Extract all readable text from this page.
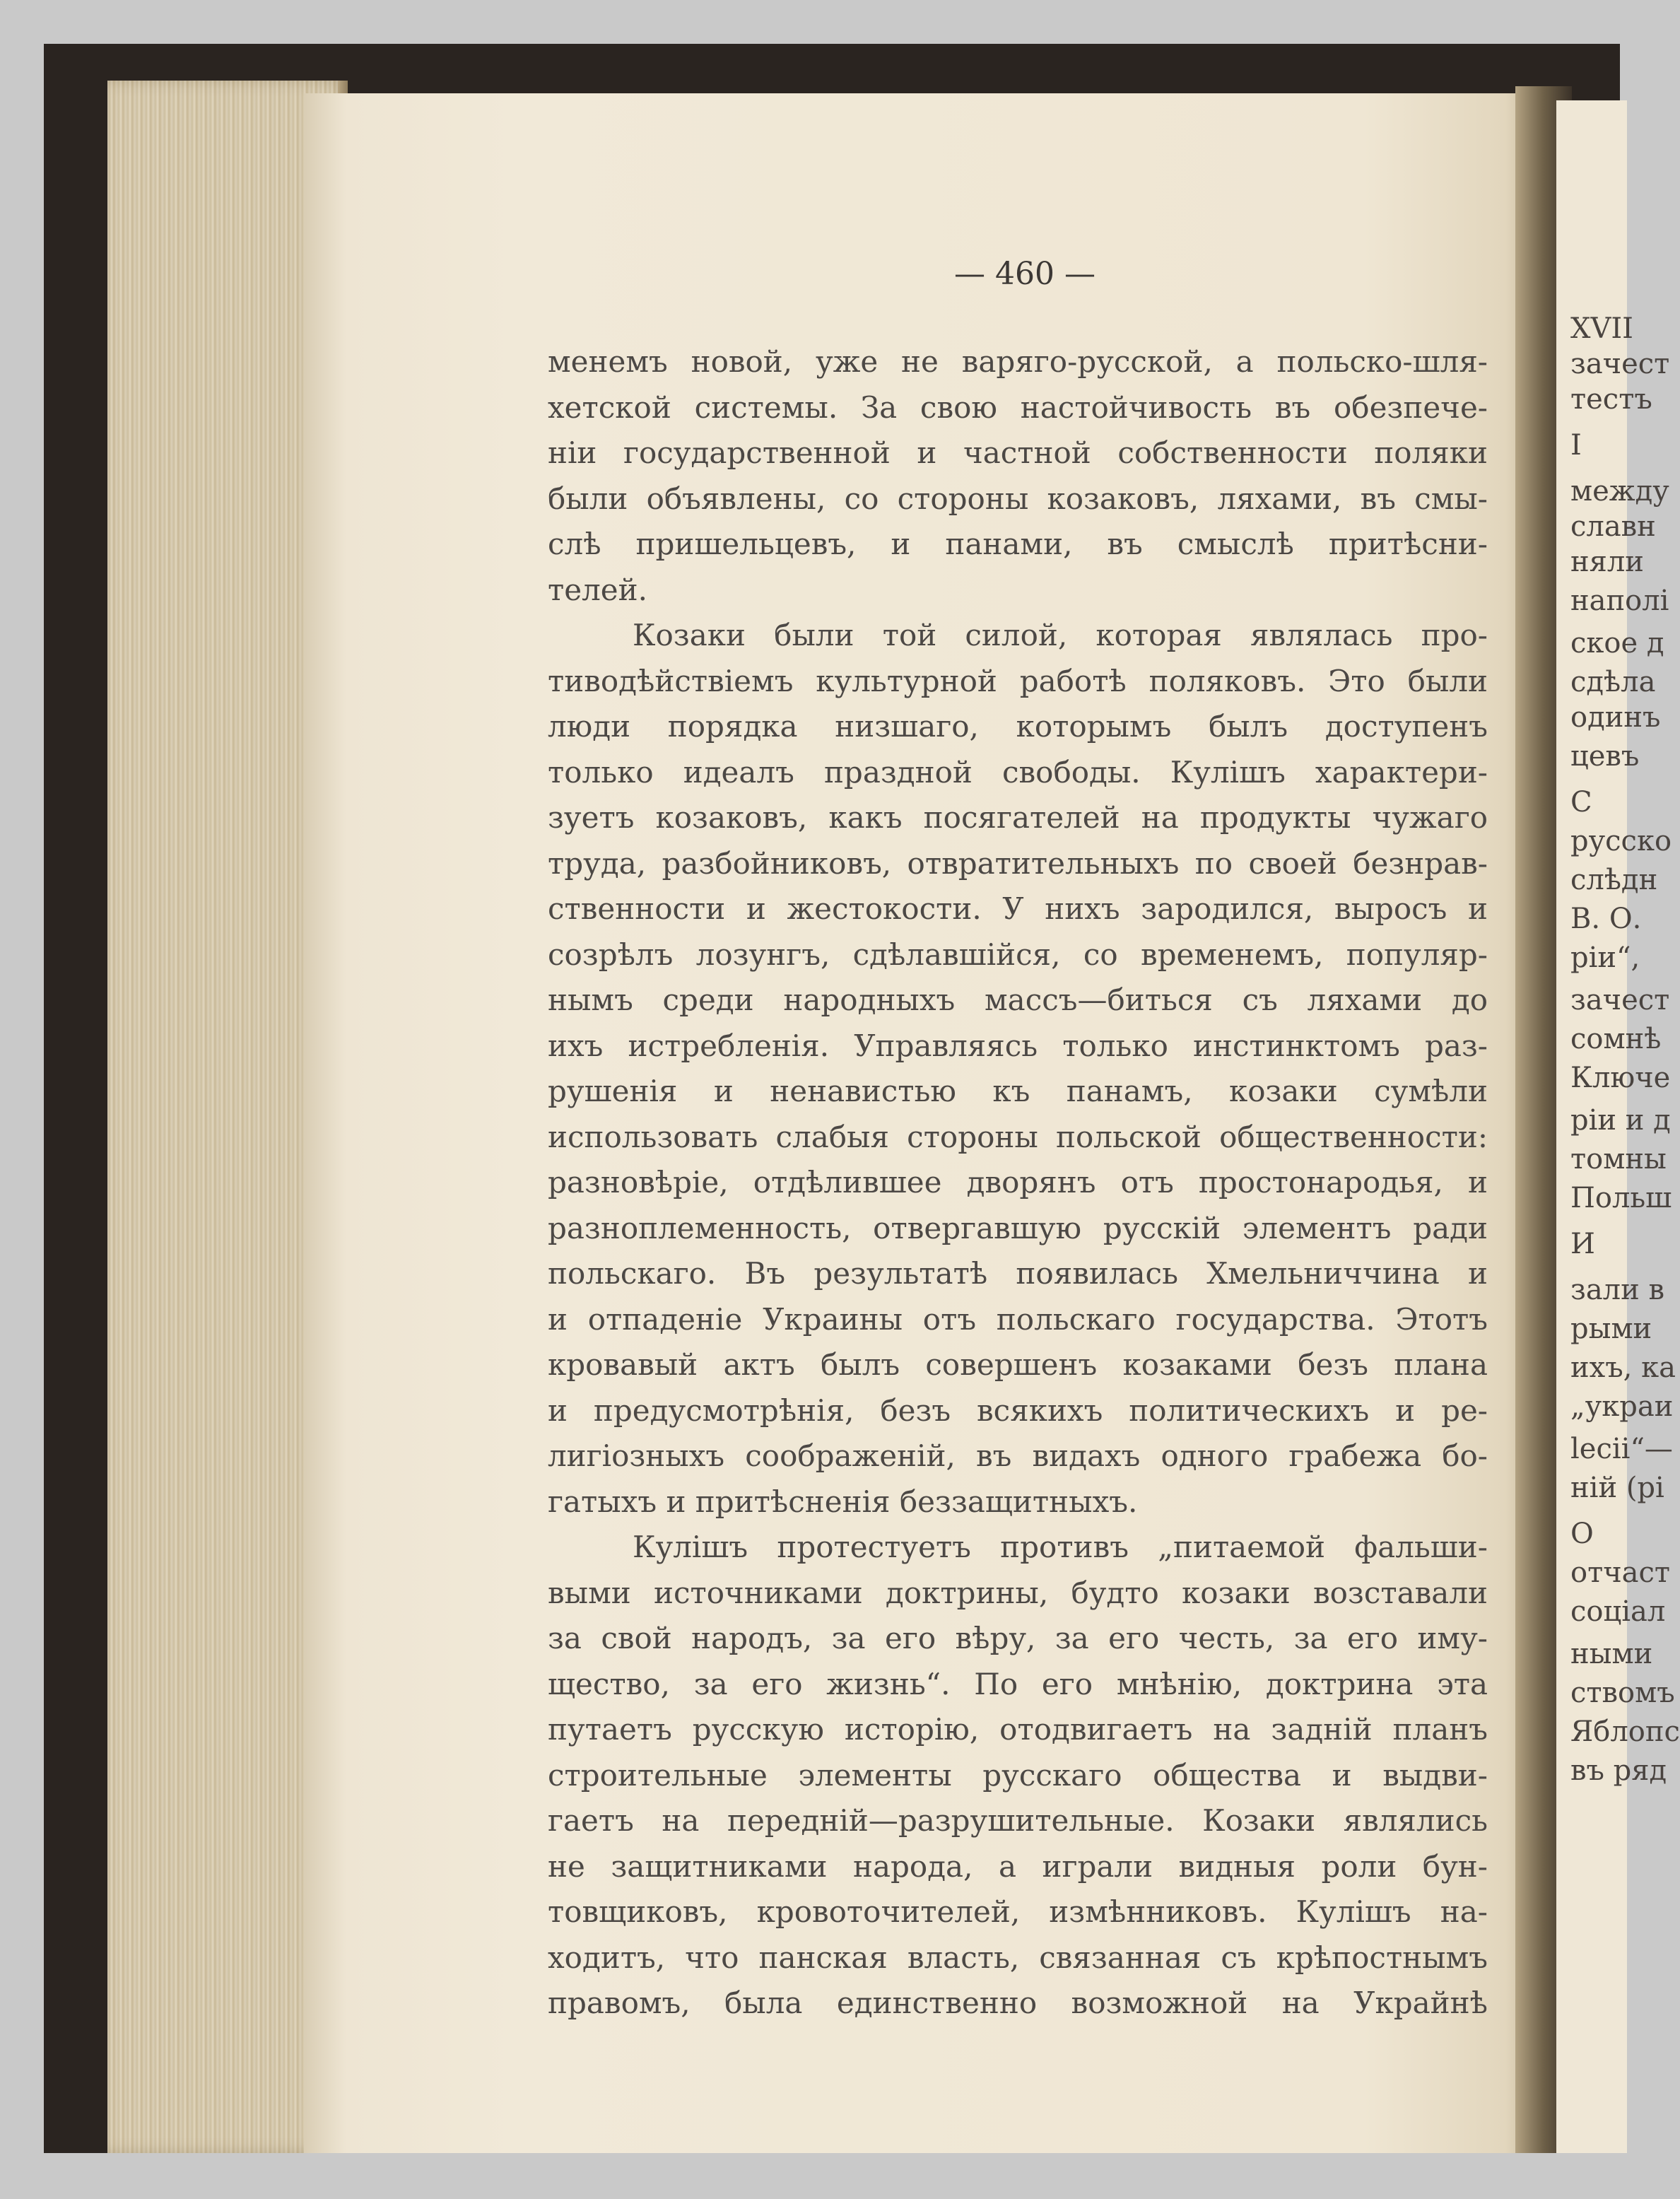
XVII
зачест
тестъ
I
между
славн
няли
наполі
ское д
сдѣла
одинъ
цевъ
С
русско
слѣдн
В. О.
рiи“,
зачест
сомнѣ
Ключе
рiи и д
томны
Польш
И
зали в
рыми
ихъ, ка
„украи
lecii“—
нiй (рi
О
отчаст
соцiал
ными
ствомъ
Яблопс
въ ряд
— 460 —
менемъ новой, уже не варяго-русской, а польско-шля-
хетской системы. За свою настойчивость въ обезпече-
нiи государственной и частной собственности поляки
были объявлены, со стороны козаковъ, ляхами, въ смы-
слѣ пришельцевъ, и панами, въ смыслѣ притѣсни-
телей.
Козаки были той силой, которая являлась про-
тиводѣйствiемъ культурной работѣ поляковъ. Это были
люди порядка низшаго, которымъ былъ доступенъ
только идеалъ праздной свободы. Кулiшъ характери-
зуетъ козаковъ, какъ посягателей на продукты чужаго
труда, разбойниковъ, отвратительныхъ по своей безнрав-
ственности и жестокости. У нихъ зародился, выросъ и
созрѣлъ лозунгъ, сдѣлавшiйся, со временемъ, популяр-
нымъ среди народныхъ массъ—биться съ ляхами до
ихъ истребленiя. Управляясь только инстинктомъ раз-
рушенiя и ненавистью къ панамъ, козаки сумѣли
использовать слабыя стороны польской общественности:
разновѣрiе, отдѣлившее дворянъ отъ простонародья, и
разноплеменность, отвергавшую русскiй элементъ ради
польскаго. Въ результатѣ появилась Хмельниччина и
и отпаденiе Украины отъ польскаго государства. Этотъ
кровавый актъ былъ совершенъ козаками безъ плана
и предусмотрѣнiя, безъ всякихъ политическихъ и ре-
лигiозныхъ соображенiй, въ видахъ одного грабежа бо-
гатыхъ и притѣсненiя беззащитныхъ.
Кулiшъ протестуетъ противъ „питаемой фальши-
выми источниками доктрины, будто козаки возставали
за свой народъ, за его вѣру, за его честь, за его иму-
щество, за его жизнь“. По его мнѣнiю, доктрина эта
путаетъ русскую исторiю, отодвигаетъ на заднiй планъ
строительные элементы русскаго общества и выдви-
гаетъ на переднiй—разрушительные. Козаки являлись
не защитниками народа, а играли видныя роли бун-
товщиковъ, кровоточителей, измѣнниковъ. Кулiшъ на-
ходитъ, что панская власть, связанная съ крѣпостнымъ
правомъ, была единственно возможной на Украйнѣ
